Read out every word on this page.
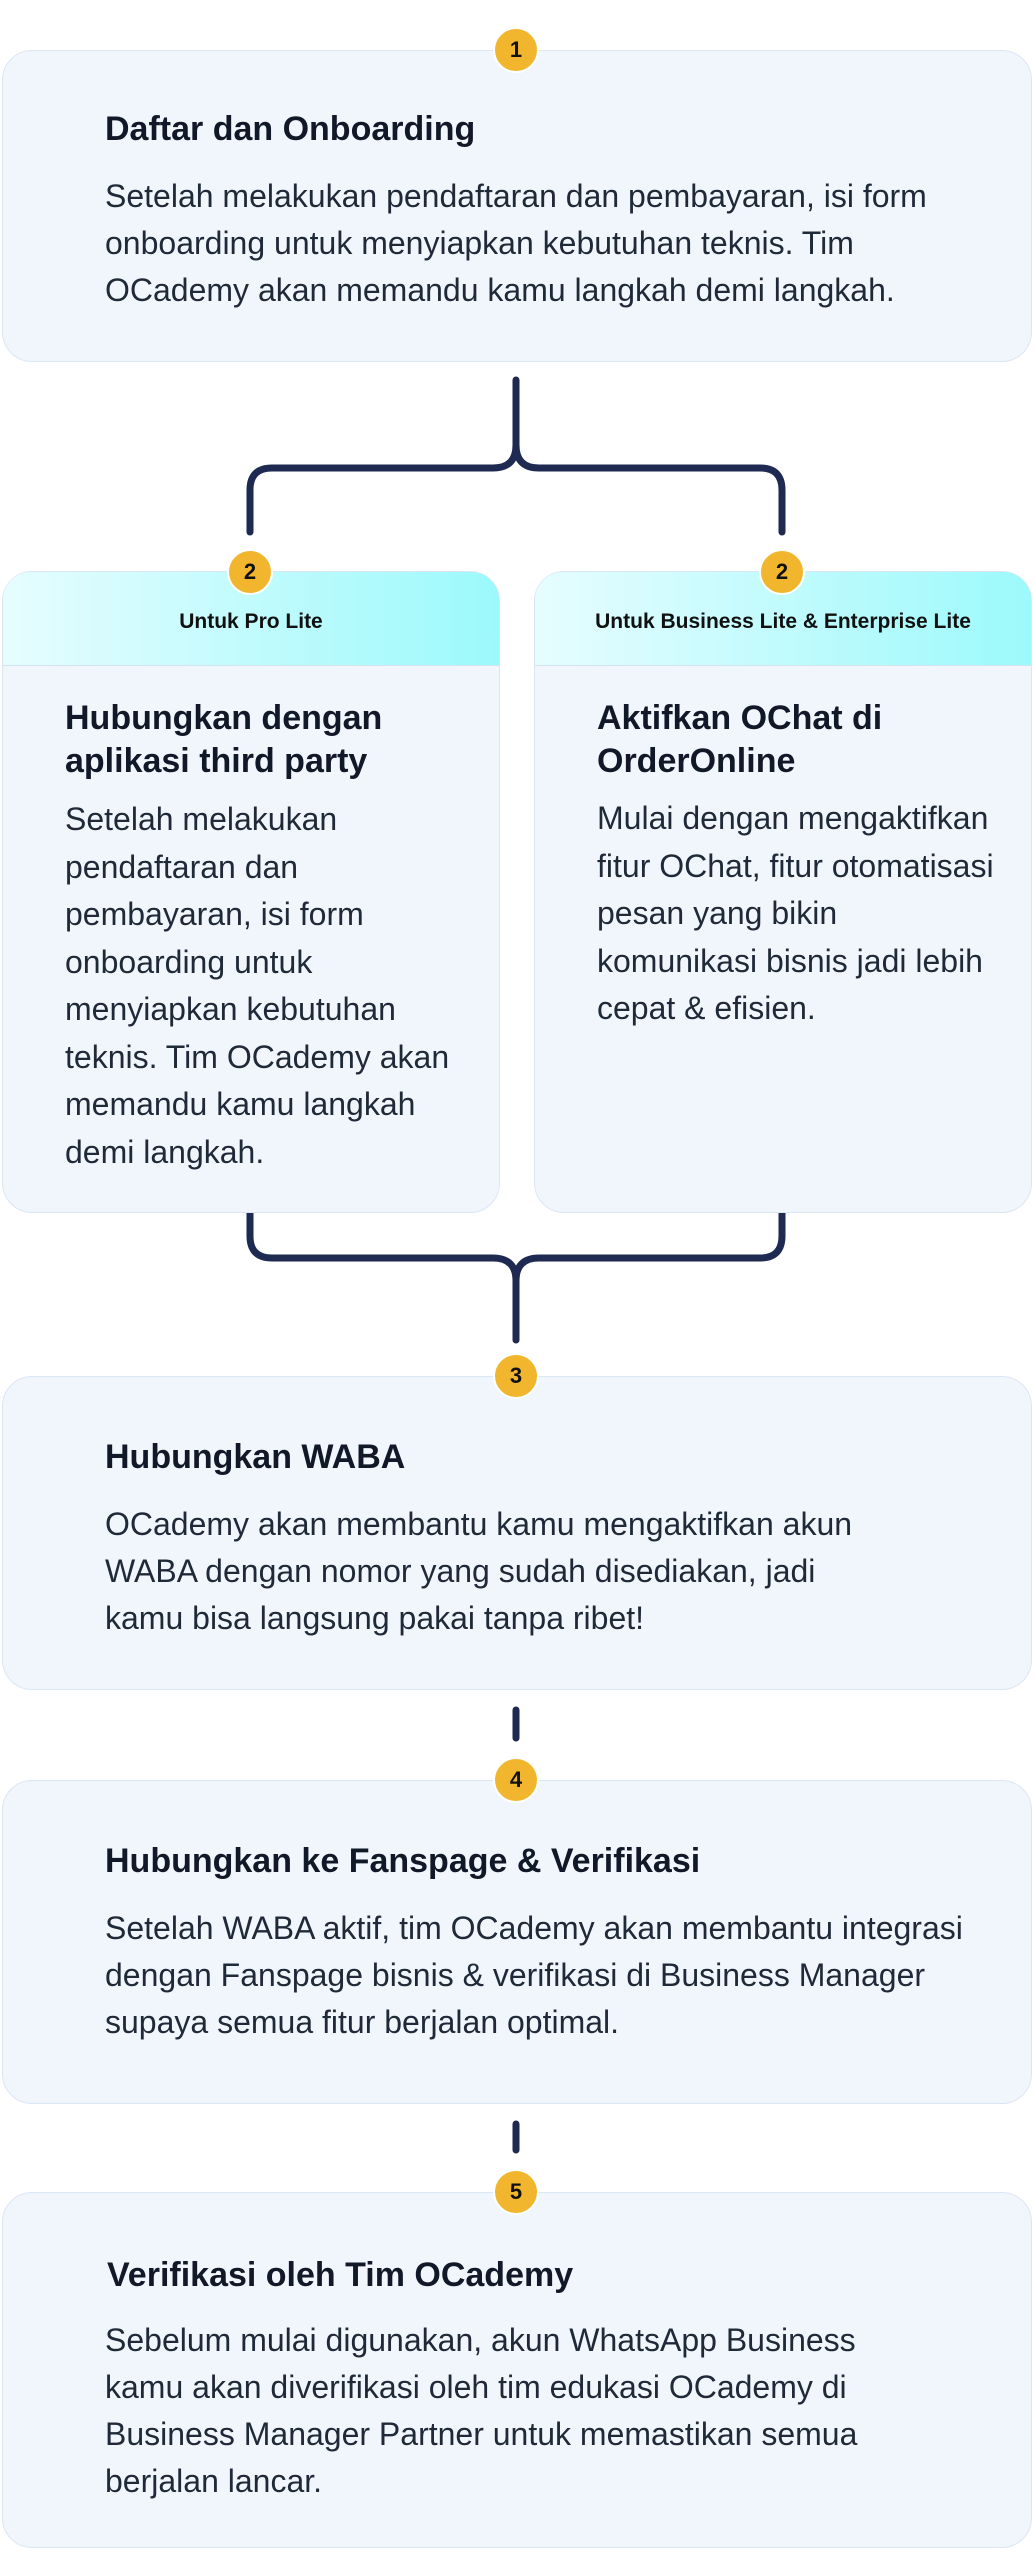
1
Daftar dan Onboarding

Setelah melakukan pendaftaran dan pembayaran, isi form onboarding untuk menyiapkan kebutuhan teknis. Tim OCademy akan memandu kamu langkah demi langkah.

2
Untuk Pro Lite
Hubungkan dengan aplikasi third party

Setelah melakukan pendaftaran dan pembayaran, isi form onboarding untuk menyiapkan kebutuhan teknis. Tim OCademy akan memandu kamu langkah demi langkah.

2
Untuk Business Lite & Enterprise Lite
Aktifkan OChat di OrderOnline

Mulai dengan mengaktifkan fitur OChat, fitur otomatisasi pesan yang bikin komunikasi bisnis jadi lebih cepat & efisien.

3
Hubungkan WABA

OCademy akan membantu kamu mengaktifkan akun WABA dengan nomor yang sudah disediakan, jadi kamu bisa langsung pakai tanpa ribet!

4
Hubungkan ke Fanspage & Verifikasi

Setelah WABA aktif, tim OCademy akan membantu integrasi dengan Fanspage bisnis & verifikasi di Business Manager supaya semua fitur berjalan optimal.

5
Verifikasi oleh Tim OCademy

Sebelum mulai digunakan, akun WhatsApp Business kamu akan diverifikasi oleh tim edukasi OCademy di Business Manager Partner untuk memastikan semua berjalan lancar.
